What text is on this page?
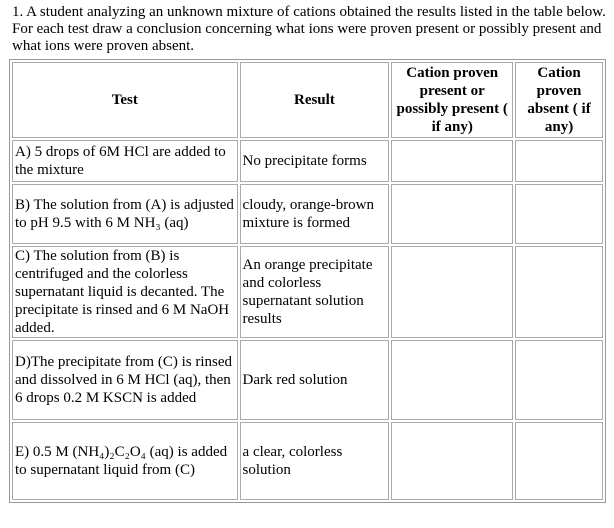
1. A student analyzing an unknown mixture of cations obtained the results listed in the table below. For each test draw a conclusion concerning what ions were proven present or possibly present and what ions were proven absent.
Test	Result	Cation proven present or possibly present ( if any)	Cation proven absent ( if any)
A) 5 drops of 6M HCl are added to the mixture	No precipitate forms		
B) The solution from (A) is adjusted to pH 9.5 with 6 M NH₃ (aq)	cloudy, orange-brown mixture is formed		
C) The solution from (B) is centrifuged and the colorless supernatant liquid is decanted. The precipitate is rinsed and 6 M NaOH added.	An orange precipitate and colorless supernatant solution results		
D)The precipitate from (C) is rinsed and dissolved in 6 M HCl (aq), then 6 drops 0.2 M KSCN is added	Dark red solution		
E) 0.5 M (NH₄)₂C₂O₄ (aq) is added to supernatant liquid from (C)	a clear, colorless solution		
